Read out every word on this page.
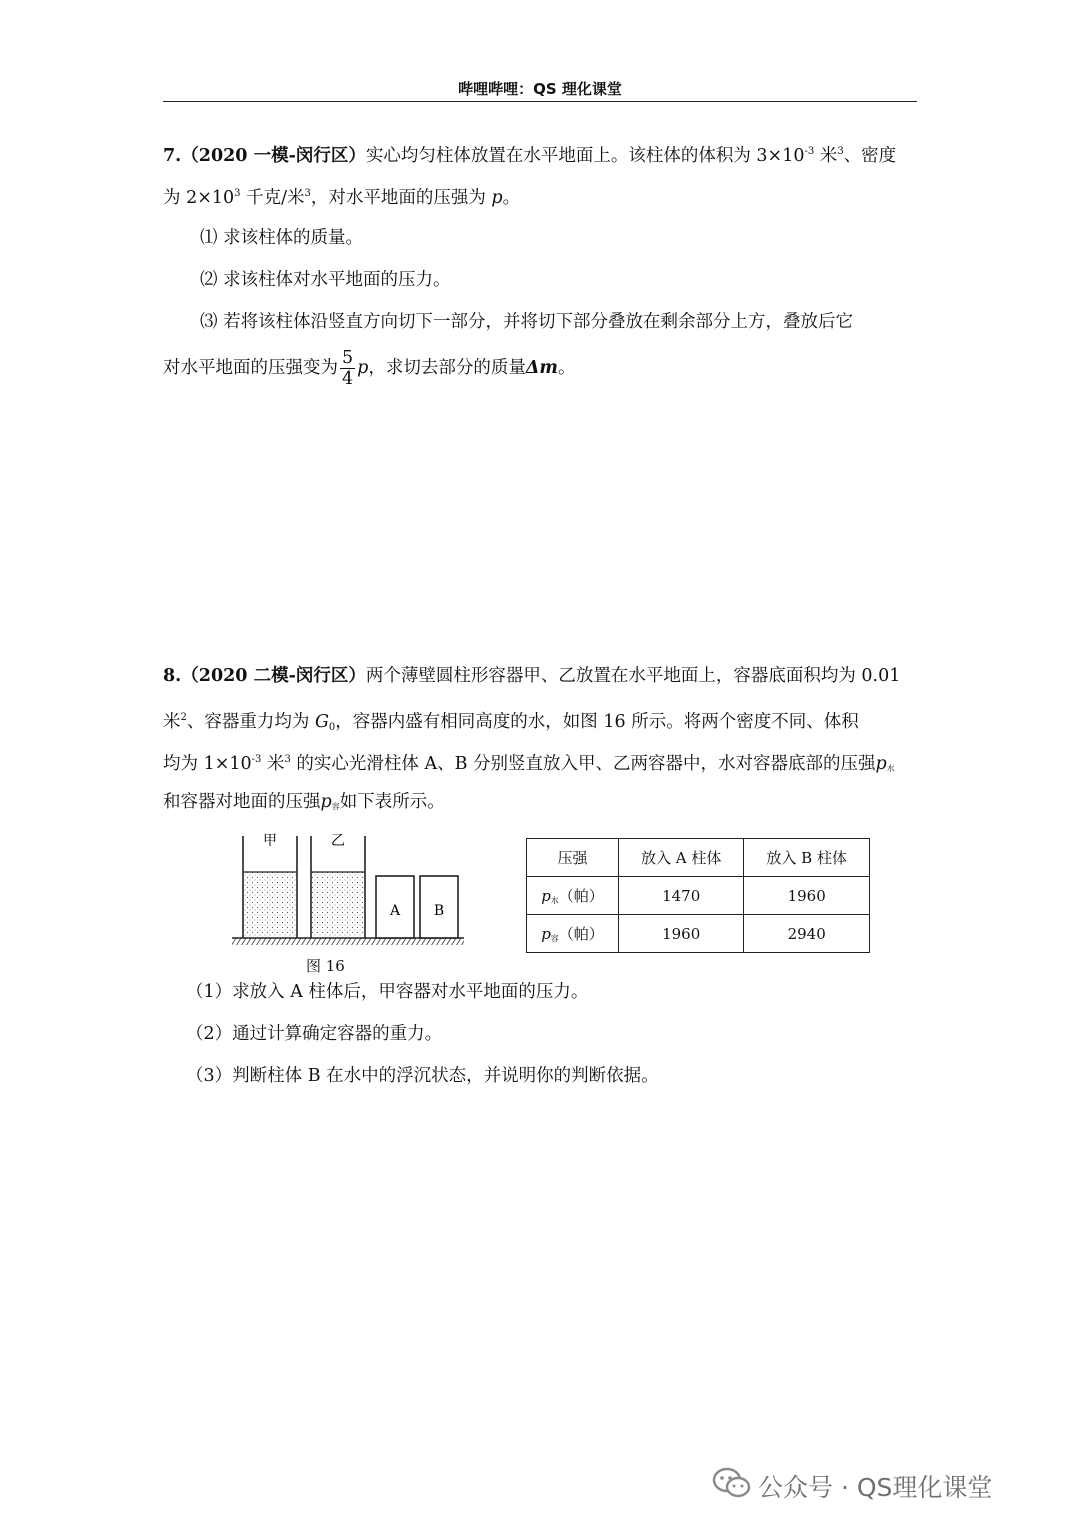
哔哩哔哩：QS 理化课堂
7.（2020 一模-闵行区）实心均匀柱体放置在水平地面上。该柱体的体积为 $3\times 10^{-3}$ 米$^3$、密度
为 $2\times 10^3$ 千克/米$^3$，对水平地面的压强为 p。
⑴ 求该柱体的质量。
⑵ 求该柱体对水平地面的压力。
⑶ 若将该柱体沿竖直方向切下一部分，并将切下部分叠放在剩余部分上方，叠放后它
对水平地面的压强变为 $\frac{5}{4}$ p，求切去部分的质量Δm。
8.（2020 二模-闵行区）两个薄壁圆柱形容器甲、乙放置在水平地面上，容器底面积均为 0.01
米$^2$、容器重力均为 $G_0$，容器内盛有相同高度的水，如图 16 所示。将两个密度不同、体积
均为 $1\times 10^{-3}$ 米$^3$ 的实心光滑柱体 A、B 分别竖直放入甲、乙两容器中，水对容器底部的压强p水
和容器对地面的压强p容如下表所示。
甲	乙
A B
图 16
压强	放入 A 柱体	放入 B 柱体
p水（帕）	1470	1960
p容（帕）	1960	2940
（1）求放入 A 柱体后，甲容器对水平地面的压力。
（2）通过计算确定容器的重力。
（3）判断柱体 B 在水中的浮沉状态，并说明你的判断依据。
公众号 · QS理化课堂
